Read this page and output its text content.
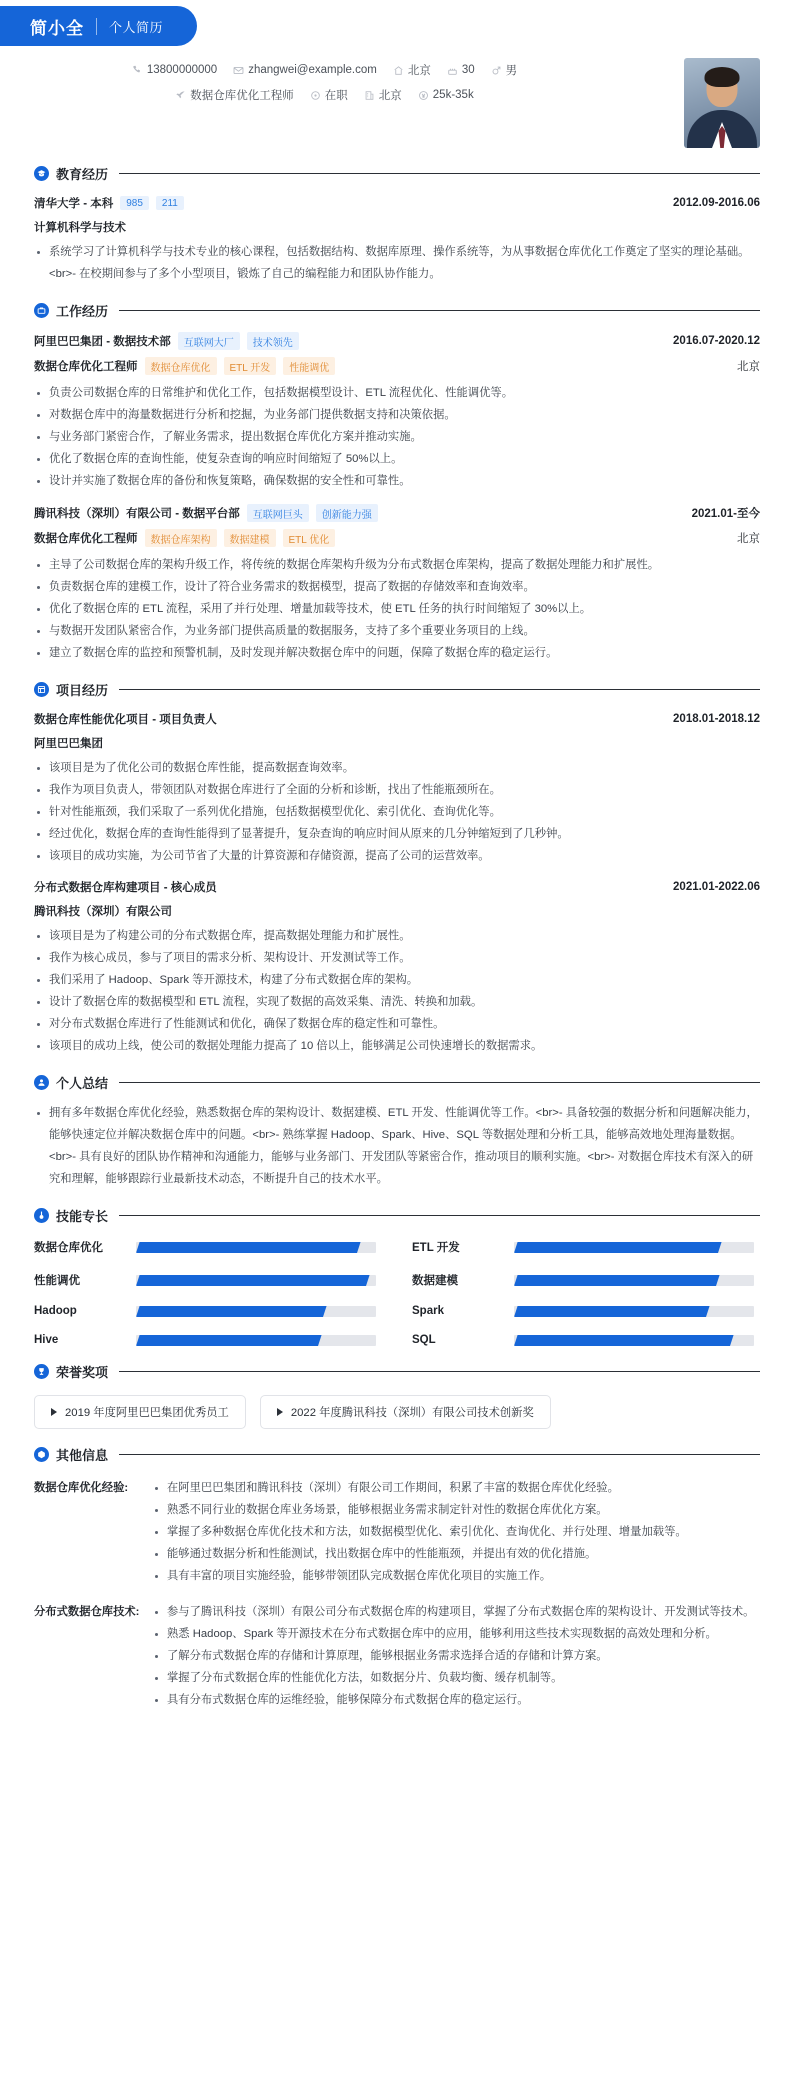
简小全 个人简历
13800000000	zhangwei@example.com	北京	30	男
数据仓库优化工程师	在职	北京	25k-35k
教育经历
清华大学 - 本科	985	211	2012.09-2016.06
计算机科学与技术
系统学习了计算机科学与技术专业的核心课程，包括数据结构、数据库原理、操作系统等，为从事数据仓库优化工作奠定了坚实的理论基础。<br>- 在校期间参与了多个小型项目，锻炼了自己的编程能力和团队协作能力。
工作经历
阿里巴巴集团 - 数据技术部	互联网大厂	技术领先	2016.07-2020.12
数据仓库优化工程师	数据仓库优化	ETL 开发	性能调优	北京
负责公司数据仓库的日常维护和优化工作，包括数据模型设计、ETL 流程优化、性能调优等。
对数据仓库中的海量数据进行分析和挖掘，为业务部门提供数据支持和决策依据。
与业务部门紧密合作，了解业务需求，提出数据仓库优化方案并推动实施。
优化了数据仓库的查询性能，使复杂查询的响应时间缩短了 50%以上。
设计并实施了数据仓库的备份和恢复策略，确保数据的安全性和可靠性。
腾讯科技（深圳）有限公司 - 数据平台部	互联网巨头	创新能力强	2021.01-至今
数据仓库优化工程师	数据仓库架构	数据建模	ETL 优化	北京
主导了公司数据仓库的架构升级工作，将传统的数据仓库架构升级为分布式数据仓库架构，提高了数据处理能力和扩展性。
负责数据仓库的建模工作，设计了符合业务需求的数据模型，提高了数据的存储效率和查询效率。
优化了数据仓库的 ETL 流程，采用了并行处理、增量加载等技术，使 ETL 任务的执行时间缩短了 30%以上。
与数据开发团队紧密合作，为业务部门提供高质量的数据服务，支持了多个重要业务项目的上线。
建立了数据仓库的监控和预警机制，及时发现并解决数据仓库中的问题，保障了数据仓库的稳定运行。
项目经历
数据仓库性能优化项目 - 项目负责人	2018.01-2018.12
阿里巴巴集团
该项目是为了优化公司的数据仓库性能，提高数据查询效率。
我作为项目负责人，带领团队对数据仓库进行了全面的分析和诊断，找出了性能瓶颈所在。
针对性能瓶颈，我们采取了一系列优化措施，包括数据模型优化、索引优化、查询优化等。
经过优化，数据仓库的查询性能得到了显著提升，复杂查询的响应时间从原来的几分钟缩短到了几秒钟。
该项目的成功实施，为公司节省了大量的计算资源和存储资源，提高了公司的运营效率。
分布式数据仓库构建项目 - 核心成员	2021.01-2022.06
腾讯科技（深圳）有限公司
该项目是为了构建公司的分布式数据仓库，提高数据处理能力和扩展性。
我作为核心成员，参与了项目的需求分析、架构设计、开发测试等工作。
我们采用了 Hadoop、Spark 等开源技术，构建了分布式数据仓库的架构。
设计了数据仓库的数据模型和 ETL 流程，实现了数据的高效采集、清洗、转换和加载。
对分布式数据仓库进行了性能测试和优化，确保了数据仓库的稳定性和可靠性。
该项目的成功上线，使公司的数据处理能力提高了 10 倍以上，能够满足公司快速增长的数据需求。
个人总结
拥有多年数据仓库优化经验，熟悉数据仓库的架构设计、数据建模、ETL 开发、性能调优等工作。<br>- 具备较强的数据分析和问题解决能力，能够快速定位并解决数据仓库中的问题。<br>- 熟练掌握 Hadoop、Spark、Hive、SQL 等数据处理和分析工具，能够高效地处理海量数据。<br>- 具有良好的团队协作精神和沟通能力，能够与业务部门、开发团队等紧密合作，推动项目的顺利实施。<br>- 对数据仓库技术有深入的研究和理解，能够跟踪行业最新技术动态，不断提升自己的技术水平。
技能专长
数据仓库优化	ETL 开发
性能调优	数据建模
Hadoop	Spark
Hive	SQL
荣誉奖项
2019 年度阿里巴巴集团优秀员工	2022 年度腾讯科技（深圳）有限公司技术创新奖
其他信息
数据仓库优化经验:	在阿里巴巴集团和腾讯科技（深圳）有限公司工作期间，积累了丰富的数据仓库优化经验。
熟悉不同行业的数据仓库业务场景，能够根据业务需求制定针对性的数据仓库优化方案。
掌握了多种数据仓库优化技术和方法，如数据模型优化、索引优化、查询优化、并行处理、增量加载等。
能够通过数据分析和性能测试，找出数据仓库中的性能瓶颈，并提出有效的优化措施。
具有丰富的项目实施经验，能够带领团队完成数据仓库优化项目的实施工作。
分布式数据仓库技术:	参与了腾讯科技（深圳）有限公司分布式数据仓库的构建项目，掌握了分布式数据仓库的架构设计、开发测试等技术。
熟悉 Hadoop、Spark 等开源技术在分布式数据仓库中的应用，能够利用这些技术实现数据的高效处理和分析。
了解分布式数据仓库的存储和计算原理，能够根据业务需求选择合适的存储和计算方案。
掌握了分布式数据仓库的性能优化方法，如数据分片、负载均衡、缓存机制等。
具有分布式数据仓库的运维经验，能够保障分布式数据仓库的稳定运行。
